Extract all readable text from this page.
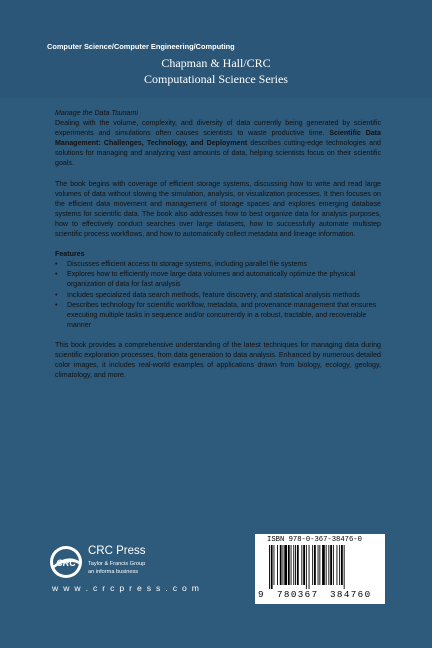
Computer Science/Computer Engineering/Computing
Chapman & Hall/CRC
Computational Science Series

Manage the Data Tsunami

Dealing with the volume, complexity, and diversity of data currently being generated by scientific experiments and simulations often causes scientists to waste productive time. Scientific Data Management: Challenges, Technology, and Deployment describes cutting-edge technologies and solutions for managing and analyzing vast amounts of data, helping scientists focus on their scientific goals.

The book begins with coverage of efficient storage systems, discussing how to write and read large volumes of data without slowing the simulation, analysis, or visualization processes. It then focuses on the efficient data movement and management of storage spaces and explores emerging database systems for scientific data. The book also addresses how to best organize data for analysis purposes, how to effectively conduct searches over large datasets, how to successfully automate multistep scientific process workflows, and how to automatically collect metadata and lineage information.

Features

• Discusses efficient access to storage systems, including parallel file systems
• Explores how to efficiently move large data volumes and automatically optimize the physical organization of data for fast analysis
• Includes specialized data search methods, feature discovery, and statistical analysis methods
• Describes technology for scientific workflow, metadata, and provenance management that ensures executing multiple tasks in sequence and/or concurrently in a robust, tractable, and recoverable manner

This book provides a comprehensive understanding of the latest techniques for managing data during scientific exploration processes, from data generation to data analysis. Enhanced by numerous detailed color images, it includes real-world examples of applications drawn from biology, ecology, geology, climatology, and more.

CRC
CRC Press
Taylor & Francis Group
an informa business
w w w . c r c p r e s s . c o m
ISBN 978-0-367-38476-0
9 780367 384760
